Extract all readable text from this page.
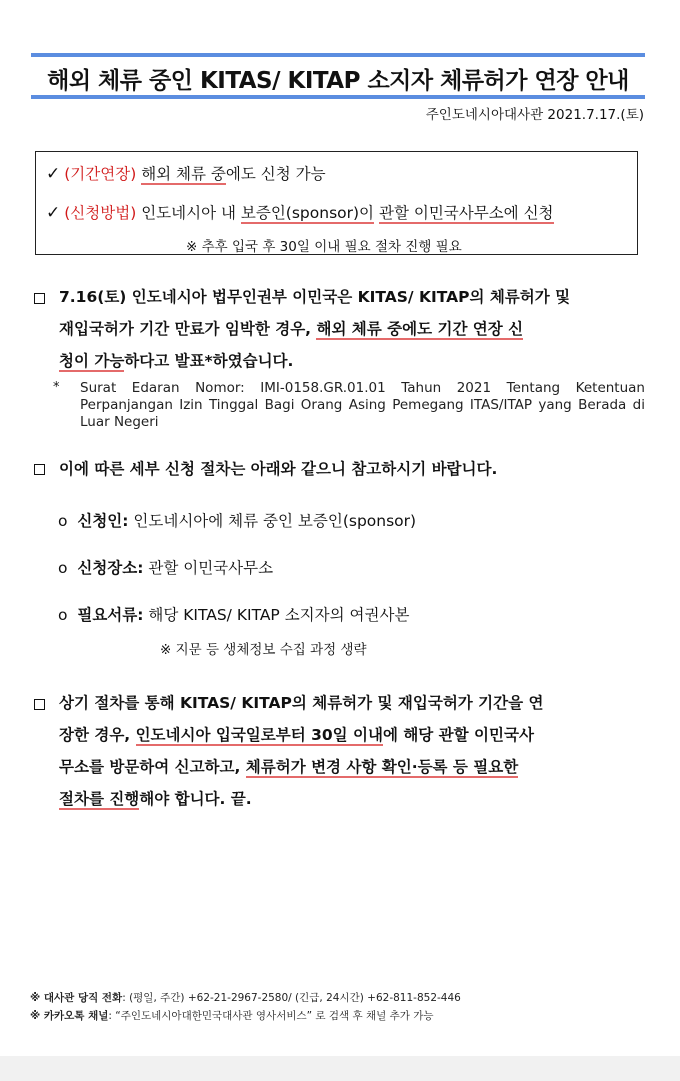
해외 체류 중인 KITAS/ KITAP 소지자 체류허가 연장 안내
주인도네시아대사관 2021.7.17.(토)
✓ (기간연장) 해외 체류 중에도 신청 가능
✓ (신청방법) 인도네시아 내 보증인(sponsor)이 관할 이민국사무소에 신청
※ 추후 입국 후 30일 이내 필요 절차 진행 필요
7.16(토) 인도네시아 법무인권부 이민국은 KITAS/ KITAP의 체류허가 및
재입국허가 기간 만료가 임박한 경우, 해외 체류 중에도 기간 연장 신
청이 가능하다고 발표*하였습니다.
* Surat Edaran Nomor: IMI-0158.GR.01.01 Tahun 2021 Tentang Ketentuan Perpanjangan Izin Tinggal Bagi Orang Asing Pemegang ITAS/ITAP yang Berada di Luar Negeri
이에 따른 세부 신청 절차는 아래와 같으니 참고하시기 바랍니다.
o 신청인: 인도네시아에 체류 중인 보증인(sponsor)
o 신청장소: 관할 이민국사무소
o 필요서류: 해당 KITAS/ KITAP 소지자의 여권사본
※ 지문 등 생체정보 수집 과정 생략
상기 절차를 통해 KITAS/ KITAP의 체류허가 및 재입국허가 기간을 연
장한 경우, 인도네시아 입국일로부터 30일 이내에 해당 관할 이민국사
무소를 방문하여 신고하고, 체류허가 변경 사항 확인·등록 등 필요한
절차를 진행해야 합니다. 끝.
※ 대사관 당직 전화: (평일, 주간) +62-21-2967-2580/ (긴급, 24시간) +62-811-852-446
※ 카카오톡 채널: “주인도네시아대한민국대사관 영사서비스” 로 검색 후 채널 추가 가능
